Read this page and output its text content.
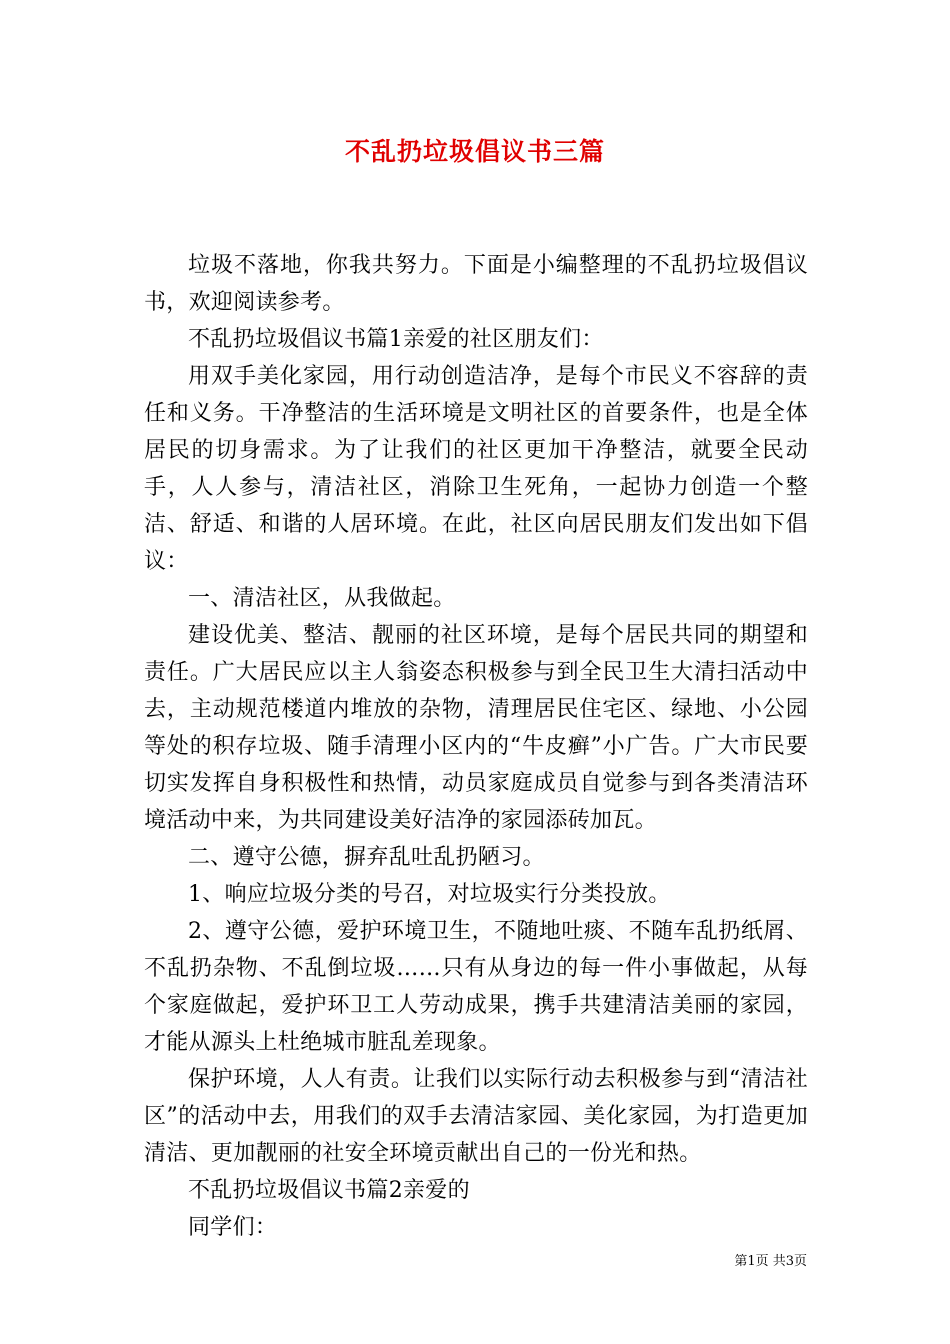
不乱扔垃圾倡议书三篇

垃圾不落地，你我共努力。下面是小编整理的不乱扔垃圾倡议书，欢迎阅读参考。

不乱扔垃圾倡议书篇1亲爱的社区朋友们：

用双手美化家园，用行动创造洁净，是每个市民义不容辞的责任和义务。干净整洁的生活环境是文明社区的首要条件，也是全体居民的切身需求。为了让我们的社区更加干净整洁，就要全民动手，人人参与，清洁社区，消除卫生死角，一起协力创造一个整洁、舒适、和谐的人居环境。在此，社区向居民朋友们发出如下倡议：

一、清洁社区，从我做起。

建设优美、整洁、靓丽的社区环境，是每个居民共同的期望和责任。广大居民应以主人翁姿态积极参与到全民卫生大清扫活动中去，主动规范楼道内堆放的杂物，清理居民住宅区、绿地、小公园等处的积存垃圾、随手清理小区内的“牛皮癣”小广告。广大市民要切实发挥自身积极性和热情，动员家庭成员自觉参与到各类清洁环境活动中来，为共同建设美好洁净的家园添砖加瓦。

二、遵守公德，摒弃乱吐乱扔陋习。

1、响应垃圾分类的号召，对垃圾实行分类投放。

2、遵守公德，爱护环境卫生，不随地吐痰、不随车乱扔纸屑、不乱扔杂物、不乱倒垃圾……只有从身边的每一件小事做起，从每个家庭做起，爱护环卫工人劳动成果，携手共建清洁美丽的家园，才能从源头上杜绝城市脏乱差现象。

保护环境，人人有责。让我们以实际行动去积极参与到“清洁社区”的活动中去，用我们的双手去清洁家园、美化家园，为打造更加清洁、更加靓丽的社安全环境贡献出自己的一份光和热。

不乱扔垃圾倡议书篇2亲爱的

同学们：

第1页 共3页
